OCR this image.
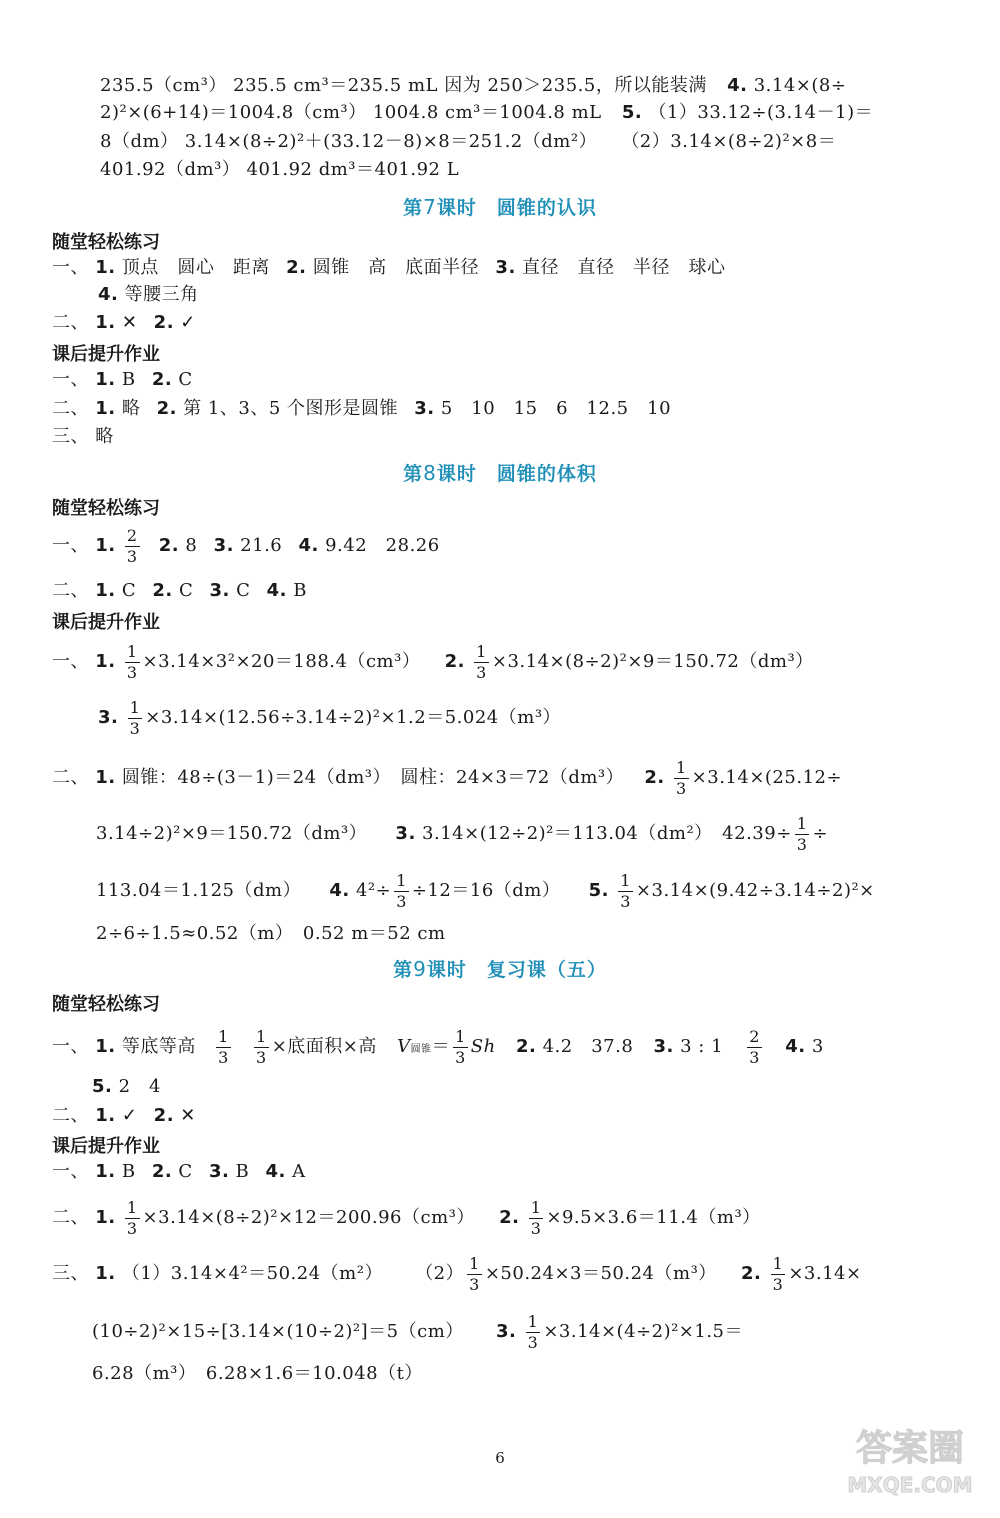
235.5（cm³） 235.5 cm³＝235.5 mL 因为 250＞235.5，所以能装满 4. 3.14×(8÷
2)²×(6+14)＝1004.8（cm³） 1004.8 cm³＝1004.8 mL 5. （1）33.12÷(3.14－1)＝
8（dm） 3.14×(8÷2)²＋(33.12－8)×8＝251.2（dm²） （2）3.14×(8÷2)²×8＝
401.92（dm³） 401.92 dm³＝401.92 L
第7课时　圆锥的认识
随堂轻松练习
一、 1. 顶点　圆心　距离 2. 圆锥　高　底面半径 3. 直径　直径　半径　球心
4. 等腰三角
二、 1. ✕ 2. ✓
课后提升作业
一、 1. B 2. C
二、 1. 略 2. 第 1、3、5 个图形是圆锥 3. 5　10　15　6　12.5　10
三、 略
第8课时　圆锥的体积
随堂轻松练习
一、 1. $\frac{2}{3} 2$. 8 3. 21.6 4. 9.42　28.26
二、 1. C 2. C 3. C 4. B
课后提升作业
一、 1. $\frac{1}{3} \times 3.14\times 3^2\times 20=188.4(cm^3)$ 2. $\frac{1}{3} \times 3.14\times(8\div 2)^2\times 9=150.72(dm^3)$
3. $\frac{1}{3} \times 3.14\times(12.56\div 3.14\div 2)^2\times 1.2=5.024(m^3)$
二、 1. 圆锥：48÷(3－1)＝24（dm³）　圆柱：24×3＝72（dm³） 2. $\frac{1}{3} \times 3.14\times(25.12\div$
3.14÷2)²×9＝150.72（dm³） 3. 3.14×(12÷2)²＝113.04（dm²）　$42.39\div \frac{1}{3}$ ÷
113.04＝1.125（dm） 4. $4^2\div \frac{1}{3} \div 12=16(dm)$ 5. $\frac{1}{3} \times 3.14\times(9.42\div 3.14\div 2)^2\times$
2÷6÷1.5≈0.52（m）　0.52 m＝52 cm
第9课时　复习课（五）
随堂轻松练习
一、 1. 等底等高 $\frac{1}{3}$
$\frac{1}{3}$ ×底面积×高 V圆锥＝ $\frac{1}{3}$ Sh 2. 4.2　37.8 3. 3 : $1 \frac{2}{3} 4$. 3
5. 2　4
二、 1. ✓ 2. ✕
课后提升作业
一、 1. B 2. C 3. B 4. A
二、 1. $\frac{1}{3} \times 3.14\times(8\div 2)^2\times 12=200.96(cm^3)$ 2. $\frac{1}{3} \times 9.5\times 3.6=11.4(m^3)$
三、 1. （1）3.14×4²＝50.24（m²） $(2) \frac{1}{3} \times 50.24\times 3=50.24(m^3)$ 2. $\frac{1}{3} \times 3.14\times$
(10÷2)²×15÷[3.14×(10÷2)²]＝5（cm） 3. $\frac{1}{3} \times 3.14\times(4\div 2)^2\times 1.5=$
6.28（m³）　6.28×1.6＝10.048（t）
6	答案圈
MXQE.COM
